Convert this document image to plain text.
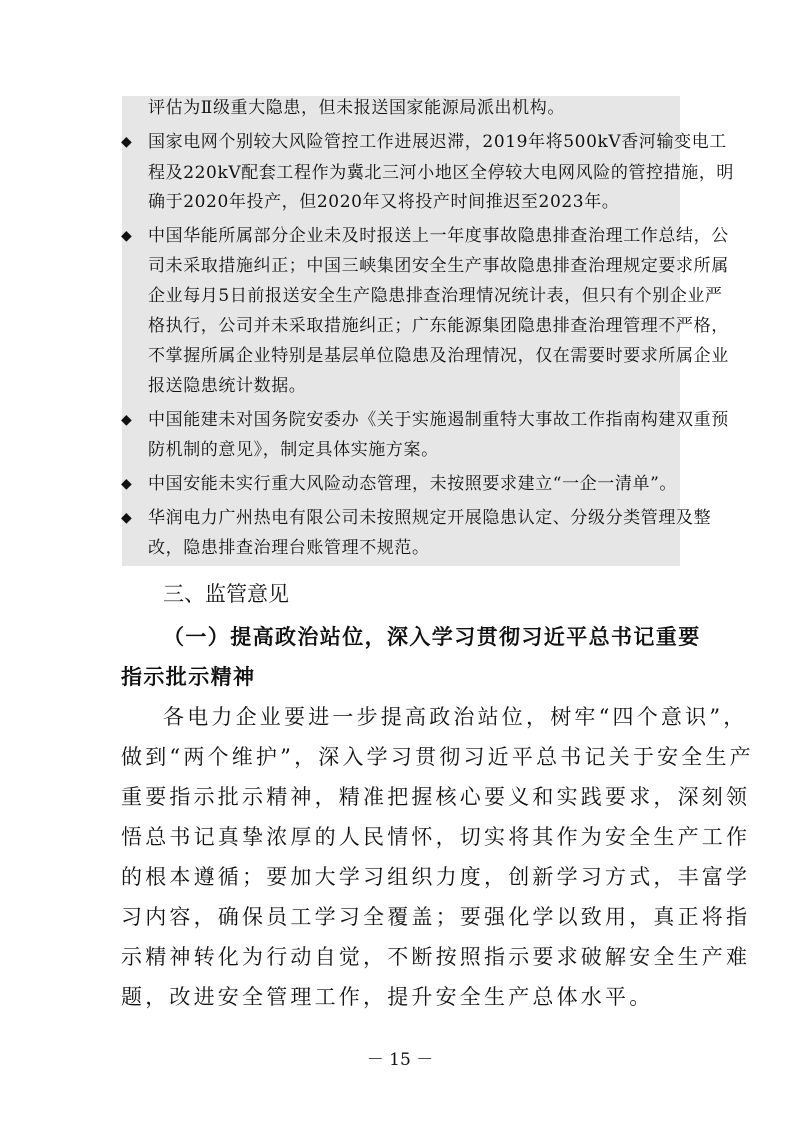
评估为Ⅱ级重大隐患，但未报送国家能源局派出机构。
◆ 国家电网个别较大风险管控工作进展迟滞，2019年将500kV香河输变电工
程及220kV配套工程作为冀北三河小地区全停较大电网风险的管控措施，明
确于2020年投产，但2020年又将投产时间推迟至2023年。
◆ 中国华能所属部分企业未及时报送上一年度事故隐患排查治理工作总结，公
司未采取措施纠正；中国三峡集团安全生产事故隐患排查治理规定要求所属
企业每月5日前报送安全生产隐患排查治理情况统计表，但只有个别企业严
格执行，公司并未采取措施纠正；广东能源集团隐患排查治理管理不严格，
不掌握所属企业特别是基层单位隐患及治理情况，仅在需要时要求所属企业
报送隐患统计数据。
◆ 中国能建未对国务院安委办《关于实施遏制重特大事故工作指南构建双重预
防机制的意见》，制定具体实施方案。
◆ 中国安能未实行重大风险动态管理，未按照要求建立“一企一清单”。
◆ 华润电力广州热电有限公司未按照规定开展隐患认定、分级分类管理及整
改，隐患排查治理台账管理不规范。
三、监管意见
（一）提高政治站位，深入学习贯彻习近平总书记重要
指示批示精神
各电力企业要进一步提高政治站位，树牢“四个意识”，
做到“两个维护”，深入学习贯彻习近平总书记关于安全生产
重要指示批示精神，精准把握核心要义和实践要求，深刻领
悟总书记真挚浓厚的人民情怀，切实将其作为安全生产工作
的根本遵循；要加大学习组织力度，创新学习方式，丰富学
习内容，确保员工学习全覆盖；要强化学以致用，真正将指
示精神转化为行动自觉，不断按照指示要求破解安全生产难
题，改进安全管理工作，提升安全生产总体水平。
－ 15 －
